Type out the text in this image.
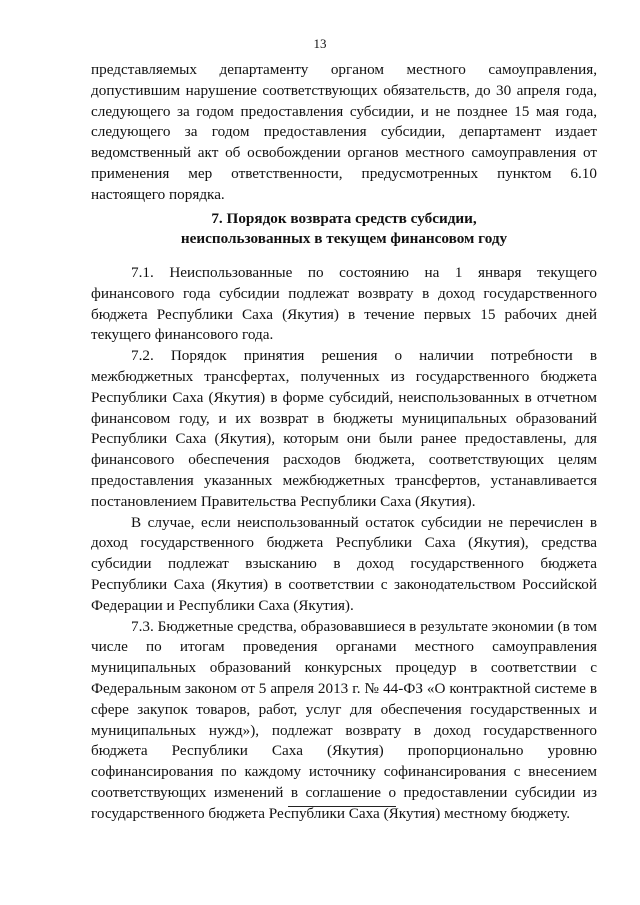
13

представляемых департаменту органом местного самоуправления, допустившим нарушение соответствующих обязательств, до 30 апреля года, следующего за годом предоставления субсидии, и не позднее 15 мая года, следующего за годом предоставления субсидии, департамент издает ведомственный акт об освобождении органов местного самоуправления от применения мер ответственности, предусмотренных пунктом 6.10 настоящего порядка.

7. Порядок возврата средств субсидии,
неиспользованных в текущем финансовом году

7.1. Неиспользованные по состоянию на 1 января текущего финансового года субсидии подлежат возврату в доход государственного бюджета Республики Саха (Якутия) в течение первых 15 рабочих дней текущего финансового года.

7.2. Порядок принятия решения о наличии потребности в межбюджетных трансфертах, полученных из государственного бюджета Республики Саха (Якутия) в форме субсидий, неиспользованных в отчетном финансовом году, и их возврат в бюджеты муниципальных образований Республики Саха (Якутия), которым они были ранее предоставлены, для финансового обеспечения расходов бюджета, соответствующих целям предоставления указанных межбюджетных трансфертов, устанавливается постановлением Правительства Республики Саха (Якутия).

В случае, если неиспользованный остаток субсидии не перечислен в доход государственного бюджета Республики Саха (Якутия), средства субсидии подлежат взысканию в доход государственного бюджета Республики Саха (Якутия) в соответствии с законодательством Российской Федерации и Республики Саха (Якутия).

7.3. Бюджетные средства, образовавшиеся в результате экономии (в том числе по итогам проведения органами местного самоуправления муниципальных образований конкурсных процедур в соответствии с Федеральным законом от 5 апреля 2013 г. № 44-ФЗ «О контрактной системе в сфере закупок товаров, работ, услуг для обеспечения государственных и муниципальных нужд»), подлежат возврату в доход государственного бюджета Республики Саха (Якутия) пропорционально уровню софинансирования по каждому источнику софинансирования с внесением соответствующих изменений в соглашение о предоставлении субсидии из государственного бюджета Республики Саха (Якутия) местному бюджету.
